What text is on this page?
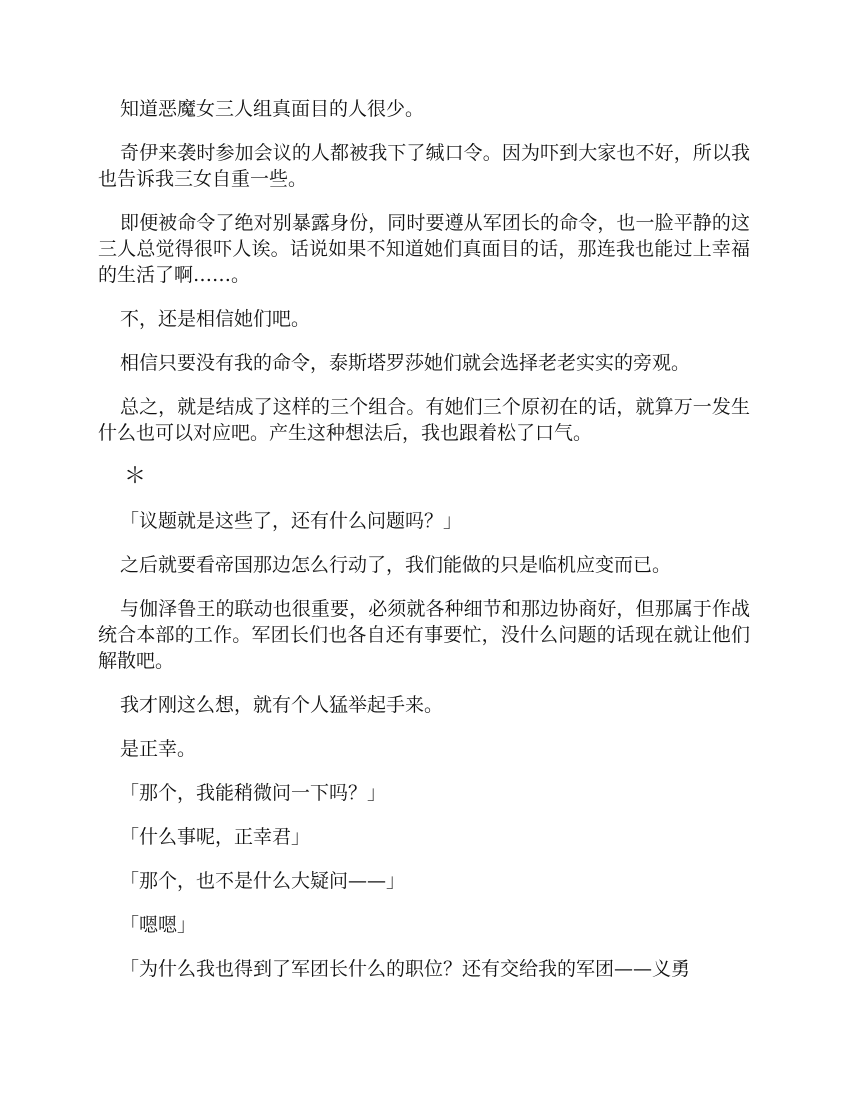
知道恶魔女三人组真面目的人很少。

奇伊来袭时参加会议的人都被我下了缄口令。因为吓到大家也不好，所以我也告诉我三女自重一些。

即便被命令了绝对别暴露身份，同时要遵从军团长的命令，也一脸平静的这三人总觉得很吓人诶。话说如果不知道她们真面目的话，那连我也能过上幸福的生活了啊……。

不，还是相信她们吧。

相信只要没有我的命令，泰斯塔罗莎她们就会选择老老实实的旁观。

总之，就是结成了这样的三个组合。有她们三个原初在的话，就算万一发生什么也可以对应吧。产生这种想法后，我也跟着松了口气。

＊

「议题就是这些了，还有什么问题吗？」

之后就要看帝国那边怎么行动了，我们能做的只是临机应变而已。

与伽泽鲁王的联动也很重要，必须就各种细节和那边协商好，但那属于作战统合本部的工作。军团长们也各自还有事要忙，没什么问题的话现在就让他们解散吧。

我才刚这么想，就有个人猛举起手来。

是正幸。

「那个，我能稍微问一下吗？」

「什么事呢，正幸君」

「那个，也不是什么大疑问——」

「嗯嗯」

「为什么我也得到了军团长什么的职位？还有交给我的军团——义勇
